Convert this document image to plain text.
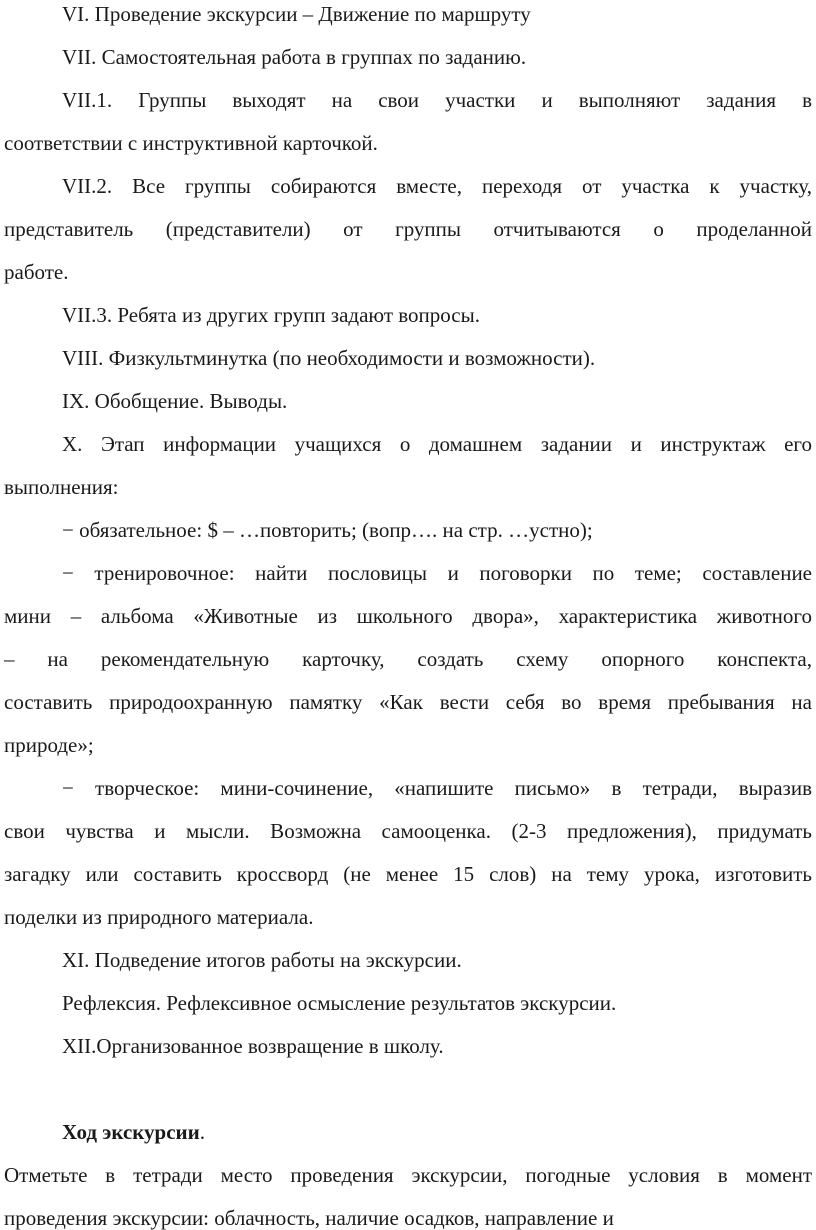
VI. Проведение экскурсии – Движение по маршруту

VII. Самостоятельная работа в группах по заданию.

VII.1. Группы выходят на свои участки и выполняют задания в

соответствии с инструктивной карточкой.

VII.2. Все группы собираются вместе, переходя от участка к участку,

представитель (представители) от группы отчитываются о проделанной

работе.

VII.3. Ребята из других групп задают вопросы.

VIII. Физкультминутка (по необходимости и возможности).

IX. Обобщение. Выводы.

X. Этап информации учащихся о домашнем задании и инструктаж его

выполнения:

− обязательное: $ – …повторить; (вопр…. на стр. …устно);

− тренировочное: найти пословицы и поговорки по теме; составление

мини – альбома «Животные из школьного двора», характеристика животного

– на рекомендательную карточку, создать схему опорного конспекта,

составить природоохранную памятку «Как вести себя во время пребывания на

природе»;

− творческое: мини-сочинение, «напишите письмо» в тетради, выразив

свои чувства и мысли. Возможна самооценка. (2-3 предложения), придумать

загадку или составить кроссворд (не менее 15 слов) на тему урока, изготовить

поделки из природного материала.

XI. Подведение итогов работы на экскурсии.

Рефлексия. Рефлексивное осмысление результатов экскурсии.

XII.Организованное возвращение в школу.

Ход экскурсии.

Отметьте в тетради место проведения экскурсии, погодные условия в момент

проведения экскурсии: облачность, наличие осадков, направление и
